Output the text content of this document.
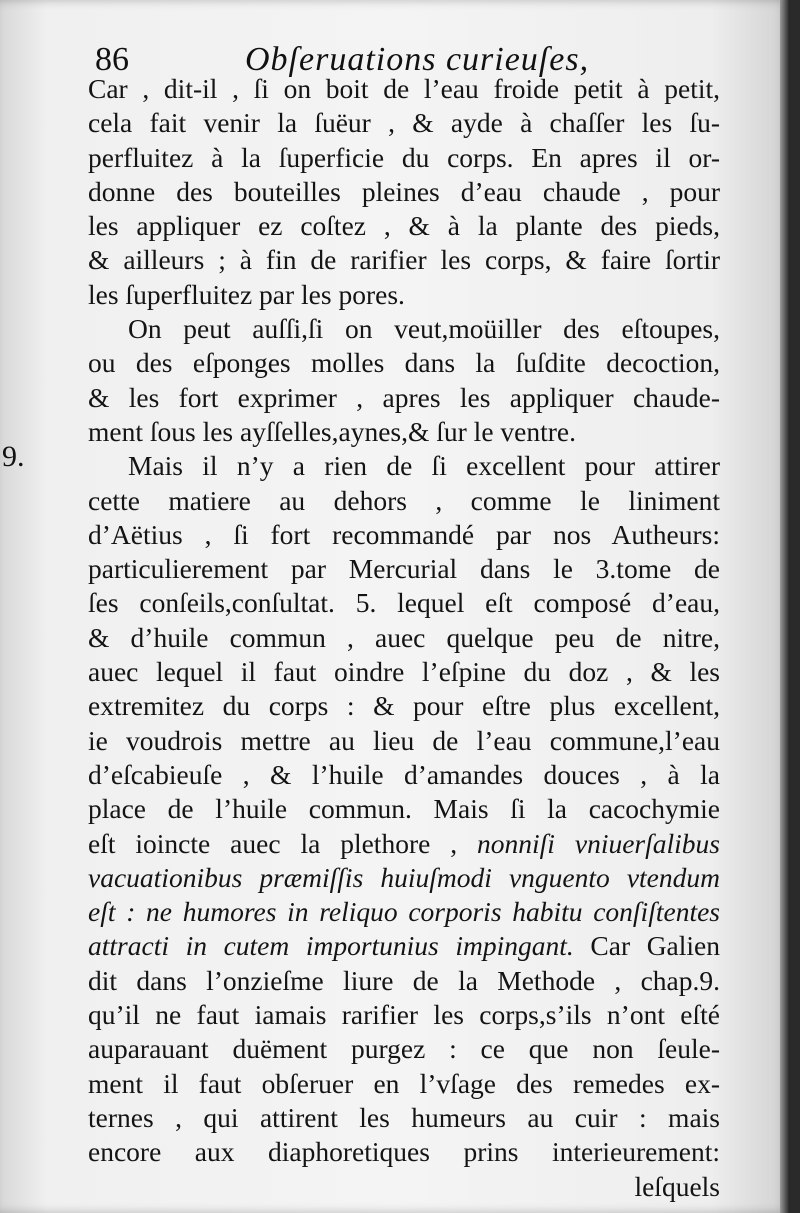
86	Obſeruations curieuſes,
9.
Car , dit-il , ſi on boit de l’eau froide petit à petit,
cela fait venir la ſuëur , & ayde à chaſſer les ſu-
perfluitez à la ſuperficie du corps. En apres il or-
donne des bouteilles pleines d’eau chaude , pour
les appliquer ez coſtez , & à la plante des pieds,
& ailleurs ; à fin de rarifier les corps, & faire ſortir
les ſuperfluitez par les pores.
On peut auſſi,ſi on veut,moüiller des eſtoupes,
ou des eſponges molles dans la ſuſdite decoction,
& les fort exprimer , apres les appliquer chaude-
ment ſous les ayſſelles,aynes,& ſur le ventre.
Mais il n’y a rien de ſi excellent pour attirer
cette matiere au dehors , comme le liniment
d’Aëtius , ſi fort recommandé par nos Autheurs:
particulierement par Mercurial dans le 3.tome de
ſes conſeils,conſultat. 5. lequel eſt composé d’eau,
& d’huile commun , auec quelque peu de nitre,
auec lequel il faut oindre l’eſpine du doz , & les
extremitez du corps : & pour eſtre plus excellent,
ie voudrois mettre au lieu de l’eau commune,l’eau
d’eſcabieuſe , & l’huile d’amandes douces , à la
place de l’huile commun. Mais ſi la cacochymie
eſt ioincte auec la plethore , nonniſi vniuerſalibus
vacuationibus præmiſſis huiuſmodi vnguento vtendum
eſt : ne humores in reliquo corporis habitu conſiſtentes
attracti in cutem importunius impingant. Car Galien
dit dans l’onzieſme liure de la Methode , chap.9.
qu’il ne faut iamais rarifier les corps,s’ils n’ont eſté
auparauant duëment purgez : ce que non ſeule-
ment il faut obſeruer en l’vſage des remedes ex-
ternes , qui attirent les humeurs au cuir : mais
encore aux diaphoretiques prins interieurement:
leſquels
